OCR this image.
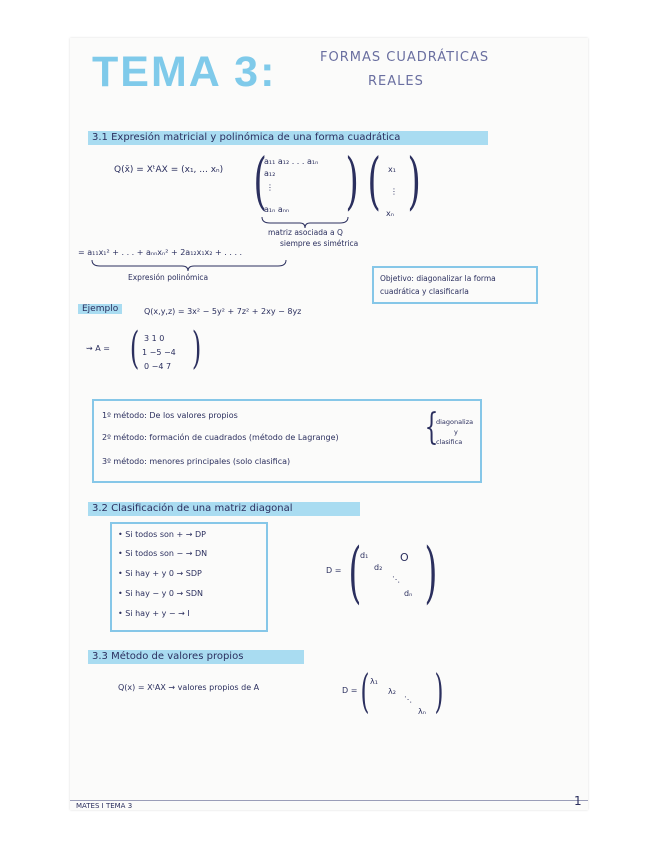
TEMA 3:	FORMAS CUADRÁTICAS
REALES
3.1 Expresión matricial y polinómica de una forma cuadrática
Q(x̄) = XᵗAX = (x₁, ... xₙ) (
a₁₁ a₁₂ . . . a₁ₙ
a₁₂
⋮
a₁ₙ aₙₙ ) ( x₁
⋮
xₙ )
matriz asociada a Q
siempre es simétrica
= a₁₁x₁² + . . . + aₙₙxₙ² + 2a₁₂x₁x₂ + . . . .
Expresión polinómica	Objetivo: diagonalizar la forma cuadrática y clasificarla
Ejemplo	Q(x,y,z) = 3x² − 5y² + 7z² + 2xy − 8yz
⇝ A = ( 3 1 0
1 −5 −4
0 −4 7 )
1º método: De los valores propios
2º método: formación de cuadrados (método de Lagrange)
3º método: menores principales (solo clasifica)
{
diagonaliza
y
clasifica
3.2 Clasificación de una matriz diagonal
• Si todos son + → DP
• Si todos son − → DN
• Si hay + y 0 → SDP
• Si hay − y 0 → SDN
• Si hay + y − → I
D = (
d₁
d₂
O
⋱
dₙ )
3.3 Método de valores propios
Q(x) = XᵗAX → valores propios de A	D = ( λ₁
λ₂
⋱
λₙ )
MATES I TEMA 3	1
